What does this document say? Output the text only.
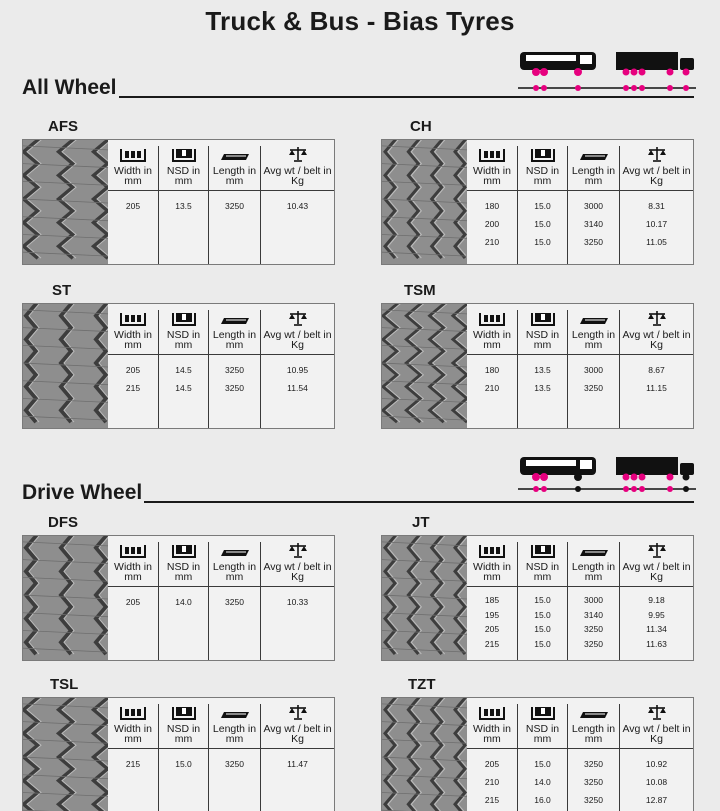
Truck & Bus - Bias Tyres
All Wheel
Drive Wheel
AFS
Width in mm
205
NSD in mm
13.5
Length in mm
3250
Avg wt / belt in Kg
10.43
CH
Width in mm
180
200
210
NSD in mm
15.0
15.0
15.0
Length in mm
3000
3140
3250
Avg wt / belt in Kg
8.31
10.17
11.05
ST
Width in mm
205
215
NSD in mm
14.5
14.5
Length in mm
3250
3250
Avg wt / belt in Kg
10.95
11.54
TSM
Width in mm
180
210
NSD in mm
13.5
13.5
Length in mm
3000
3250
Avg wt / belt in Kg
8.67
11.15
DFS
Width in mm
205
NSD in mm
14.0
Length in mm
3250
Avg wt / belt in Kg
10.33
JT
Width in mm
185
195
205
215
NSD in mm
15.0
15.0
15.0
15.0
Length in mm
3000
3140
3250
3250
Avg wt / belt in Kg
9.18
9.95
11.34
11.63
TSL
Width in mm
215
NSD in mm
15.0
Length in mm
3250
Avg wt / belt in Kg
11.47
TZT
Width in mm
205
210
215
NSD in mm
15.0
14.0
16.0
Length in mm
3250
3250
3250
Avg wt / belt in Kg
10.92
10.08
12.87
